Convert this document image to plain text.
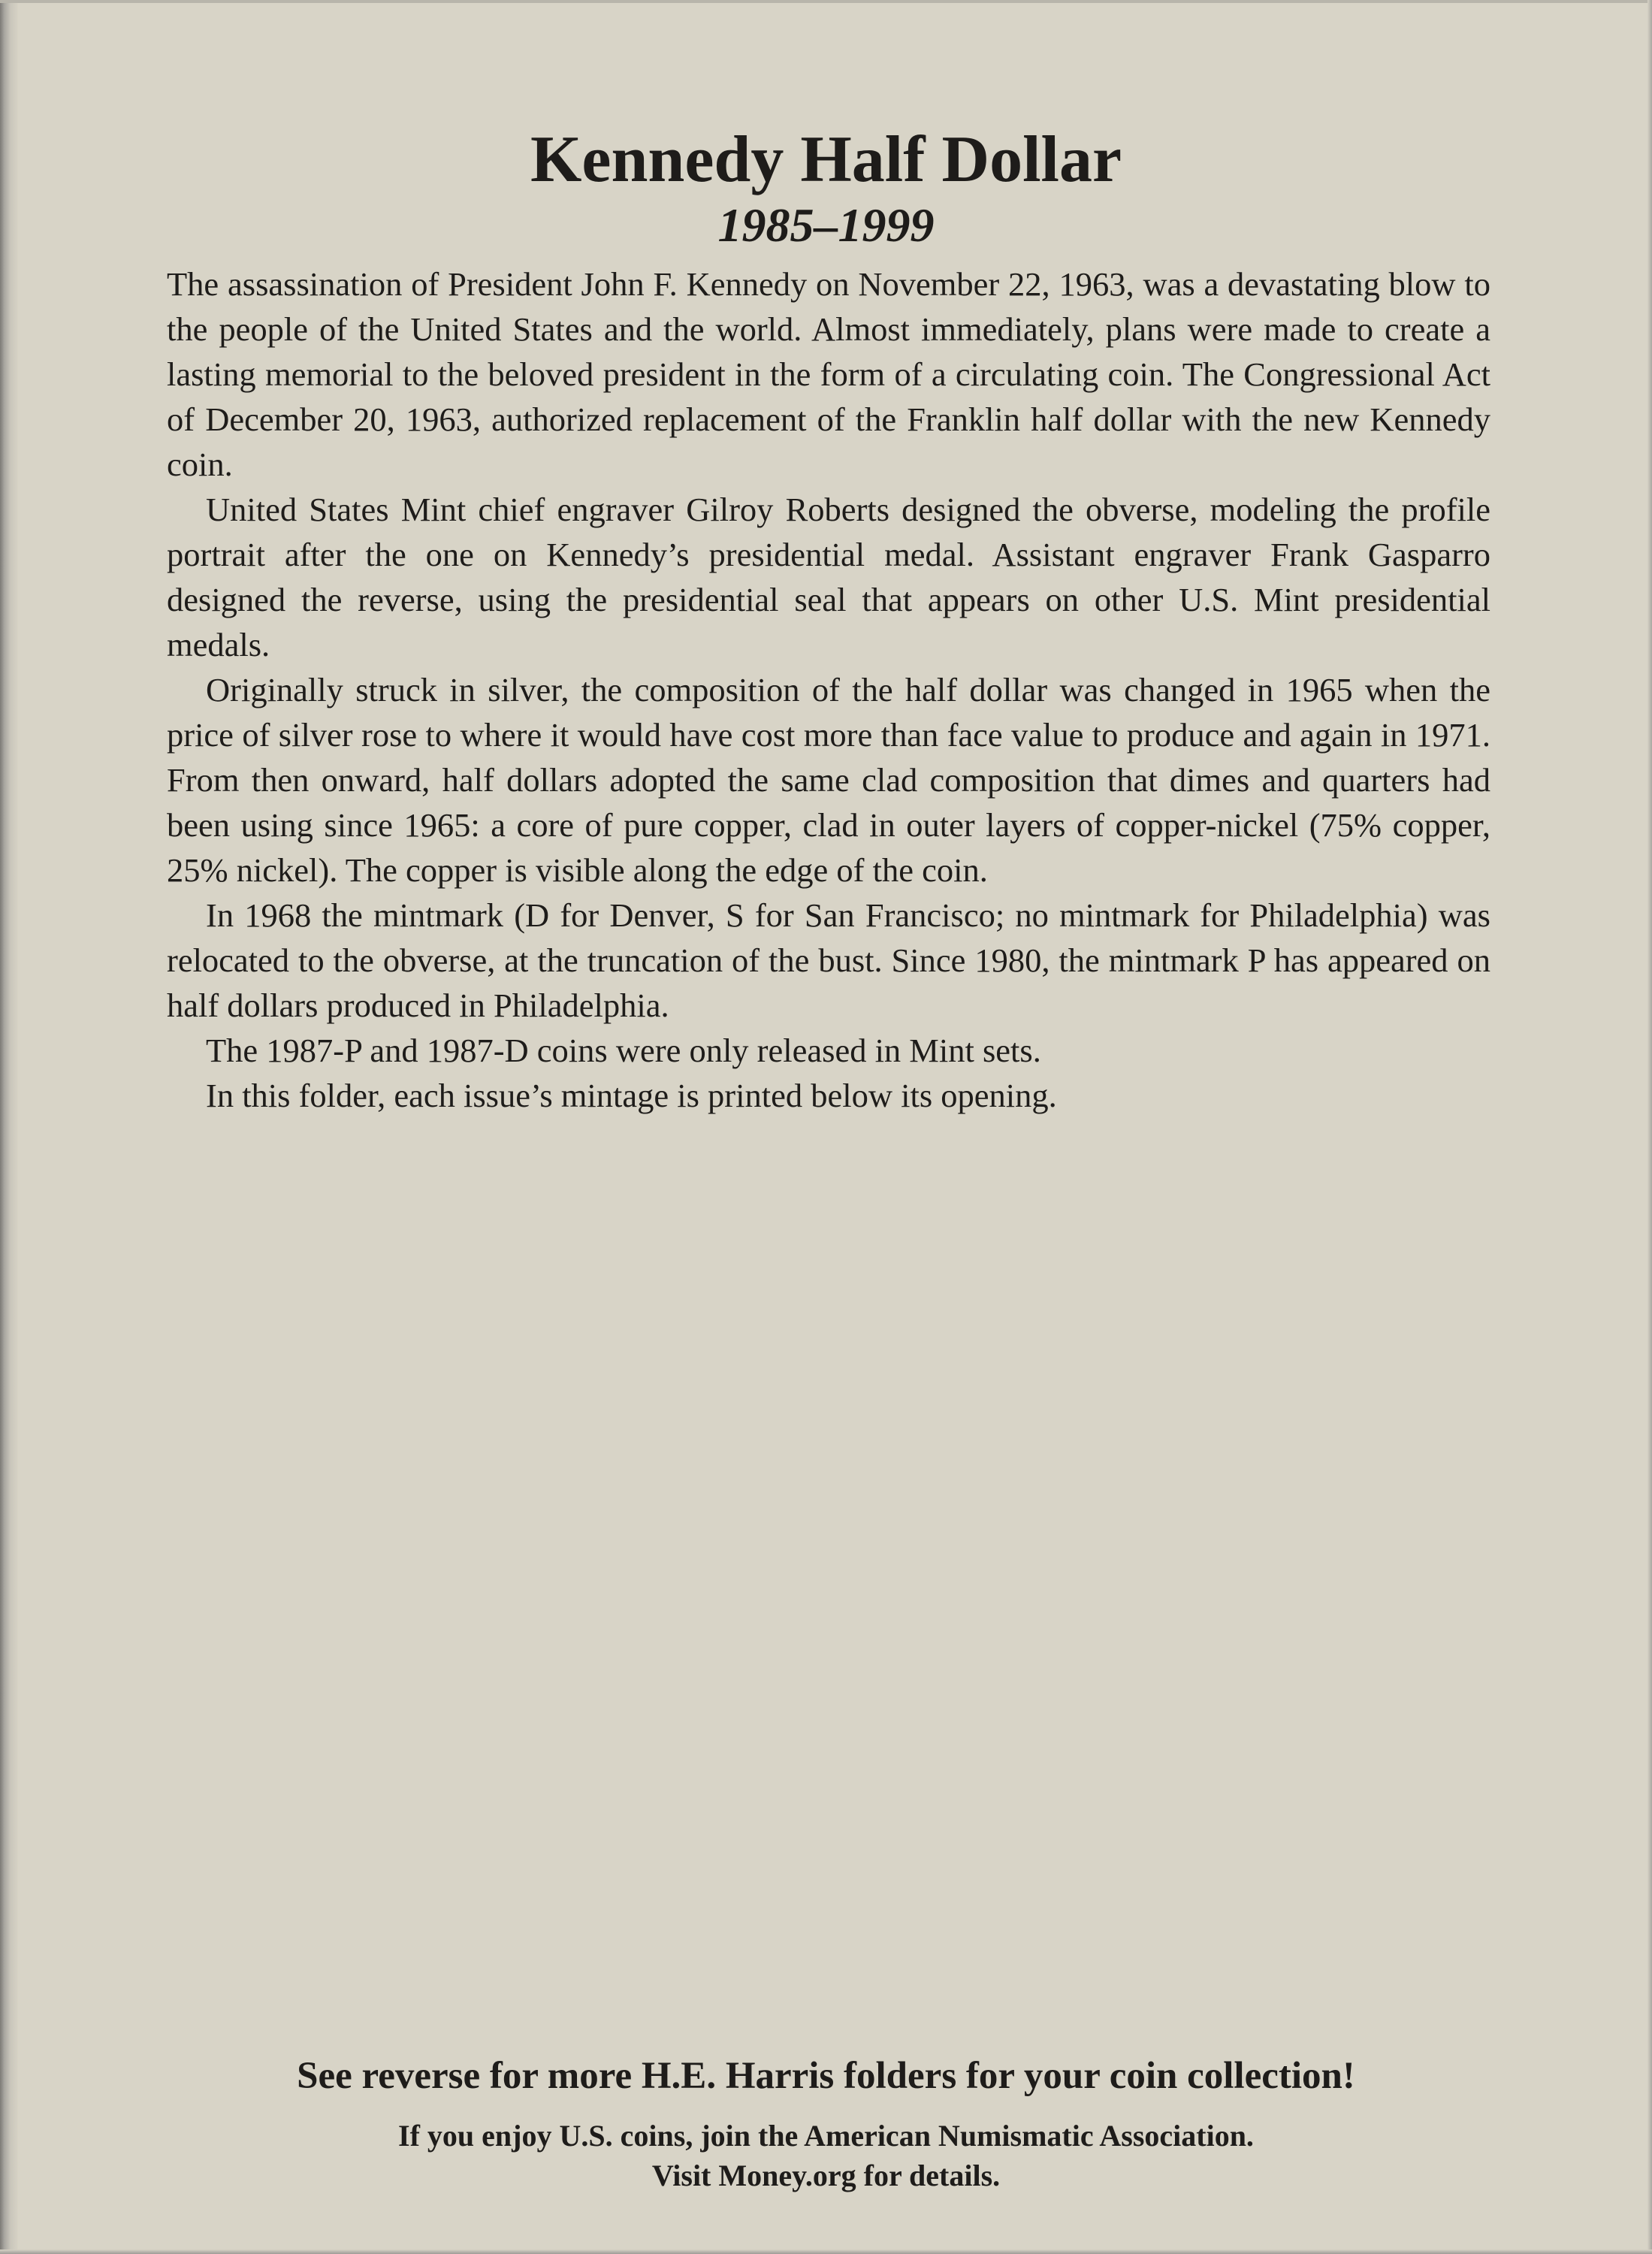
Kennedy Half Dollar
1985–1999

The assassination of President John F. Kennedy on November 22, 1963, was a devastating blow to the people of the United States and the world. Almost immediately, plans were made to create a lasting memorial to the beloved president in the form of a circulating coin. The Congressional Act of December 20, 1963, authorized replacement of the Franklin half dollar with the new Kennedy coin.

United States Mint chief engraver Gilroy Roberts designed the obverse, modeling the profile portrait after the one on Kennedy’s presidential medal. Assistant engraver Frank Gasparro designed the reverse, using the presidential seal that appears on other U.S. Mint presidential medals.

Originally struck in silver, the composition of the half dollar was changed in 1965 when the price of silver rose to where it would have cost more than face value to produce and again in 1971. From then onward, half dollars adopted the same clad composition that dimes and quarters had been using since 1965: a core of pure copper, clad in outer layers of copper-nickel (75% copper, 25% nickel). The copper is visible along the edge of the coin.

In 1968 the mintmark (D for Denver, S for San Francisco; no mintmark for Philadelphia) was relocated to the obverse, at the truncation of the bust. Since 1980, the mintmark P has appeared on half dollars produced in Philadelphia.

The 1987-P and 1987-D coins were only released in Mint sets.

In this folder, each issue’s mintage is printed below its opening.

See reverse for more H.E. Harris folders for your coin collection!

If you enjoy U.S. coins, join the American Numismatic Association.
Visit Money.org for details.
